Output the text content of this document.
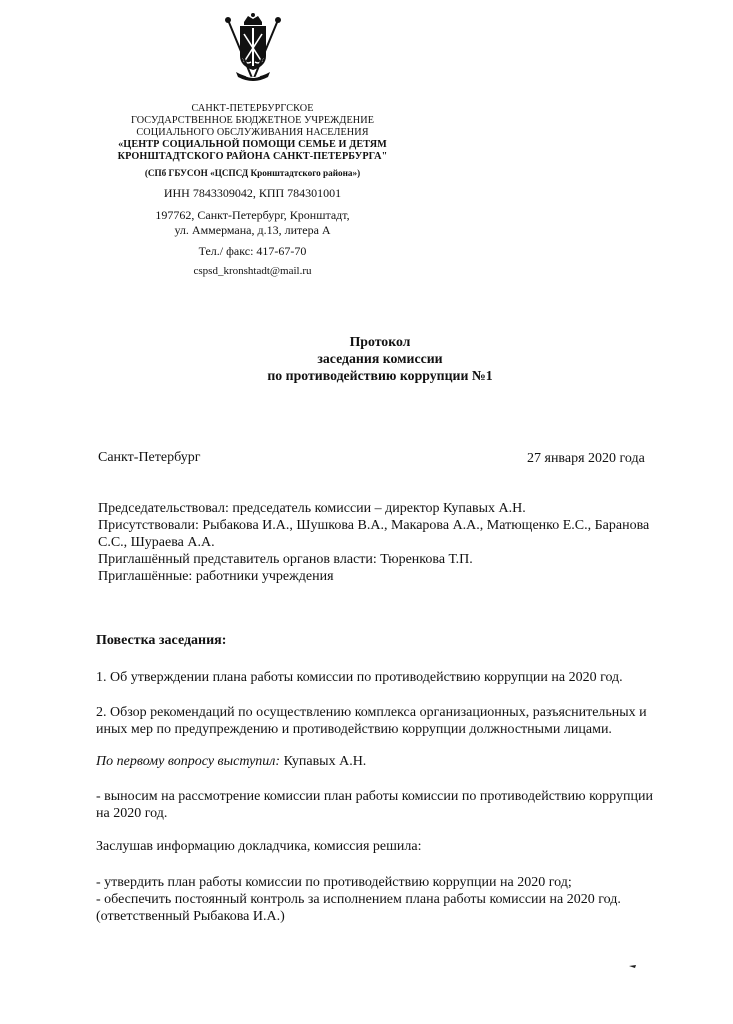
САНКТ-ПЕТЕРБУРГСКОЕ
ГОСУДАРСТВЕННОЕ БЮДЖЕТНОЕ УЧРЕЖДЕНИЕ
СОЦИАЛЬНОГО ОБСЛУЖИВАНИЯ НАСЕЛЕНИЯ
«ЦЕНТР СОЦИАЛЬНОЙ ПОМОЩИ СЕМЬЕ И ДЕТЯМ
КРОНШТАДТСКОГО РАЙОНА САНКТ-ПЕТЕРБУРГА"
(СПб ГБУСОН «ЦСПСД Кронштадтского района»)
ИНН 7843309042, КПП 784301001
197762, Санкт-Петербург, Кронштадт,
ул. Аммермана, д.13, литера А
Тел./ факс: 417-67-70
cspsd_kronshtadt@mail.ru
Протокол
заседания комиссии
по противодействию коррупции №1
Санкт-Петербург	27 января 2020 года
Председательствовал: председатель комиссии – директор Купавых А.Н.
Присутствовали: Рыбакова И.А., Шушкова В.А., Макарова А.А., Матющенко Е.С., Баранова
С.С., Шураева А.А.
Приглашённый представитель органов власти: Тюренкова Т.П.
Приглашённые: работники учреждения
Повестка заседания:
1. Об утверждении плана работы комиссии по противодействию коррупции на 2020 год.
2. Обзор рекомендаций по осуществлению комплекса организационных, разъяснительных и
иных мер по предупреждению и противодействию коррупции должностными лицами.
По первому вопросу выступил: Купавых А.Н.
- выносим на рассмотрение комиссии план работы комиссии по противодействию коррупции
на 2020 год.
Заслушав информацию докладчика, комиссия решила:
- утвердить план работы комиссии по противодействию коррупции на 2020 год;
- обеспечить постоянный контроль за исполнением плана работы комиссии на 2020 год.
(ответственный Рыбакова И.А.)
